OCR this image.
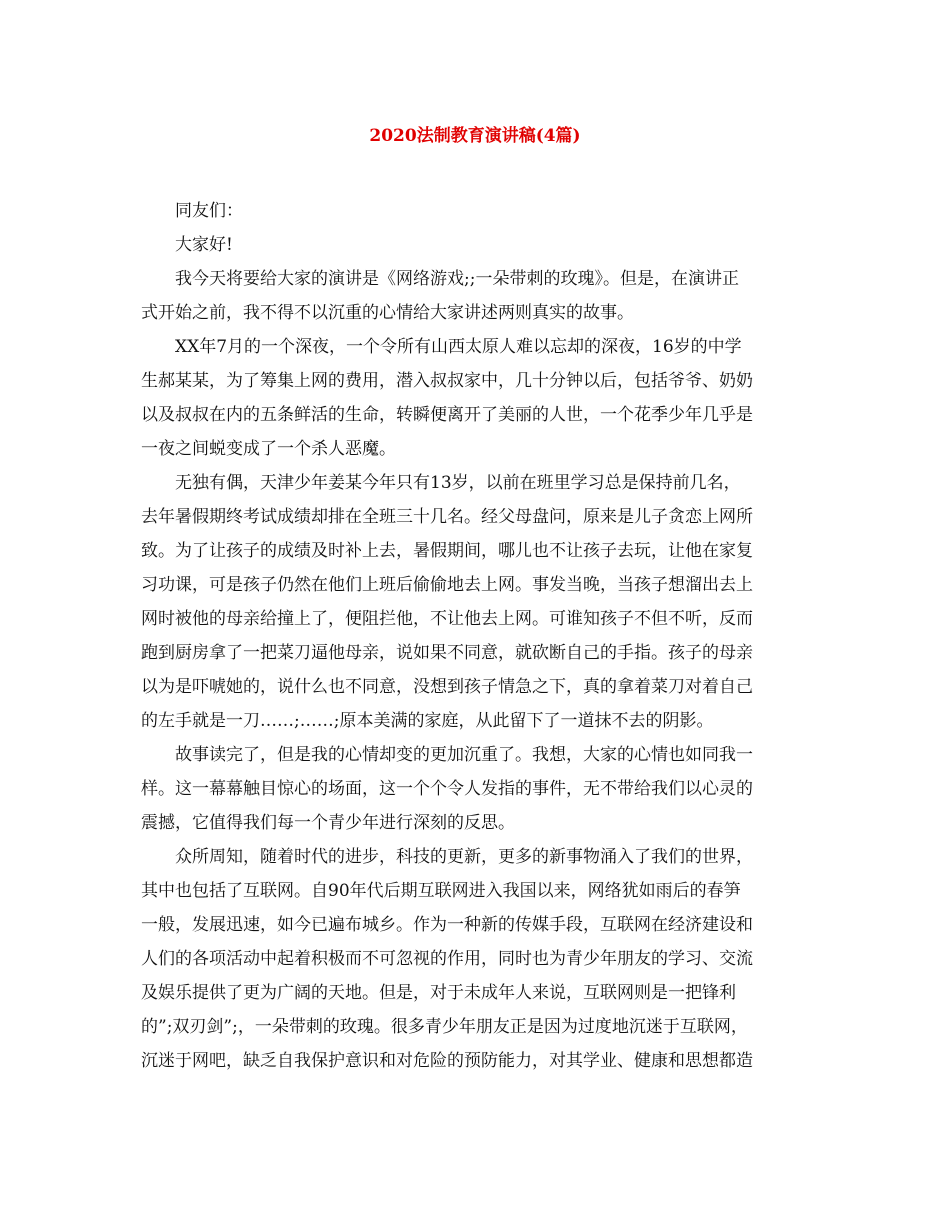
2020法制教育演讲稿(4篇)

同友们：

大家好!

我今天将要给大家的演讲是《网络游戏;;一朵带刺的玫瑰》。但是，在演讲正

式开始之前，我不得不以沉重的心情给大家讲述两则真实的故事。

XX年7月的一个深夜，一个令所有山西太原人难以忘却的深夜，16岁的中学

生郝某某，为了筹集上网的费用，潜入叔叔家中，几十分钟以后，包括爷爷、奶奶

以及叔叔在内的五条鲜活的生命，转瞬便离开了美丽的人世，一个花季少年几乎是

一夜之间蜕变成了一个杀人恶魔。

无独有偶，天津少年姜某今年只有13岁，以前在班里学习总是保持前几名，

去年暑假期终考试成绩却排在全班三十几名。经父母盘问，原来是儿子贪恋上网所

致。为了让孩子的成绩及时补上去，暑假期间，哪儿也不让孩子去玩，让他在家复

习功课，可是孩子仍然在他们上班后偷偷地去上网。事发当晚，当孩子想溜出去上

网时被他的母亲给撞上了，便阻拦他，不让他去上网。可谁知孩子不但不听，反而

跑到厨房拿了一把菜刀逼他母亲，说如果不同意，就砍断自己的手指。孩子的母亲

以为是吓唬她的，说什么也不同意，没想到孩子情急之下，真的拿着菜刀对着自己

的左手就是一刀……;……;原本美满的家庭，从此留下了一道抹不去的阴影。

故事读完了，但是我的心情却变的更加沉重了。我想，大家的心情也如同我一

样。这一幕幕触目惊心的场面，这一个个令人发指的事件，无不带给我们以心灵的

震撼，它值得我们每一个青少年进行深刻的反思。

众所周知，随着时代的进步，科技的更新，更多的新事物涌入了我们的世界，

其中也包括了互联网。自90年代后期互联网进入我国以来，网络犹如雨后的春笋

一般，发展迅速，如今已遍布城乡。作为一种新的传媒手段，互联网在经济建设和

人们的各项活动中起着积极而不可忽视的作用，同时也为青少年朋友的学习、交流

及娱乐提供了更为广阔的天地。但是，对于未成年人来说，互联网则是一把锋利

的”;双刃剑”;，一朵带刺的玫瑰。很多青少年朋友正是因为过度地沉迷于互联网，

沉迷于网吧，缺乏自我保护意识和对危险的预防能力，对其学业、健康和思想都造
